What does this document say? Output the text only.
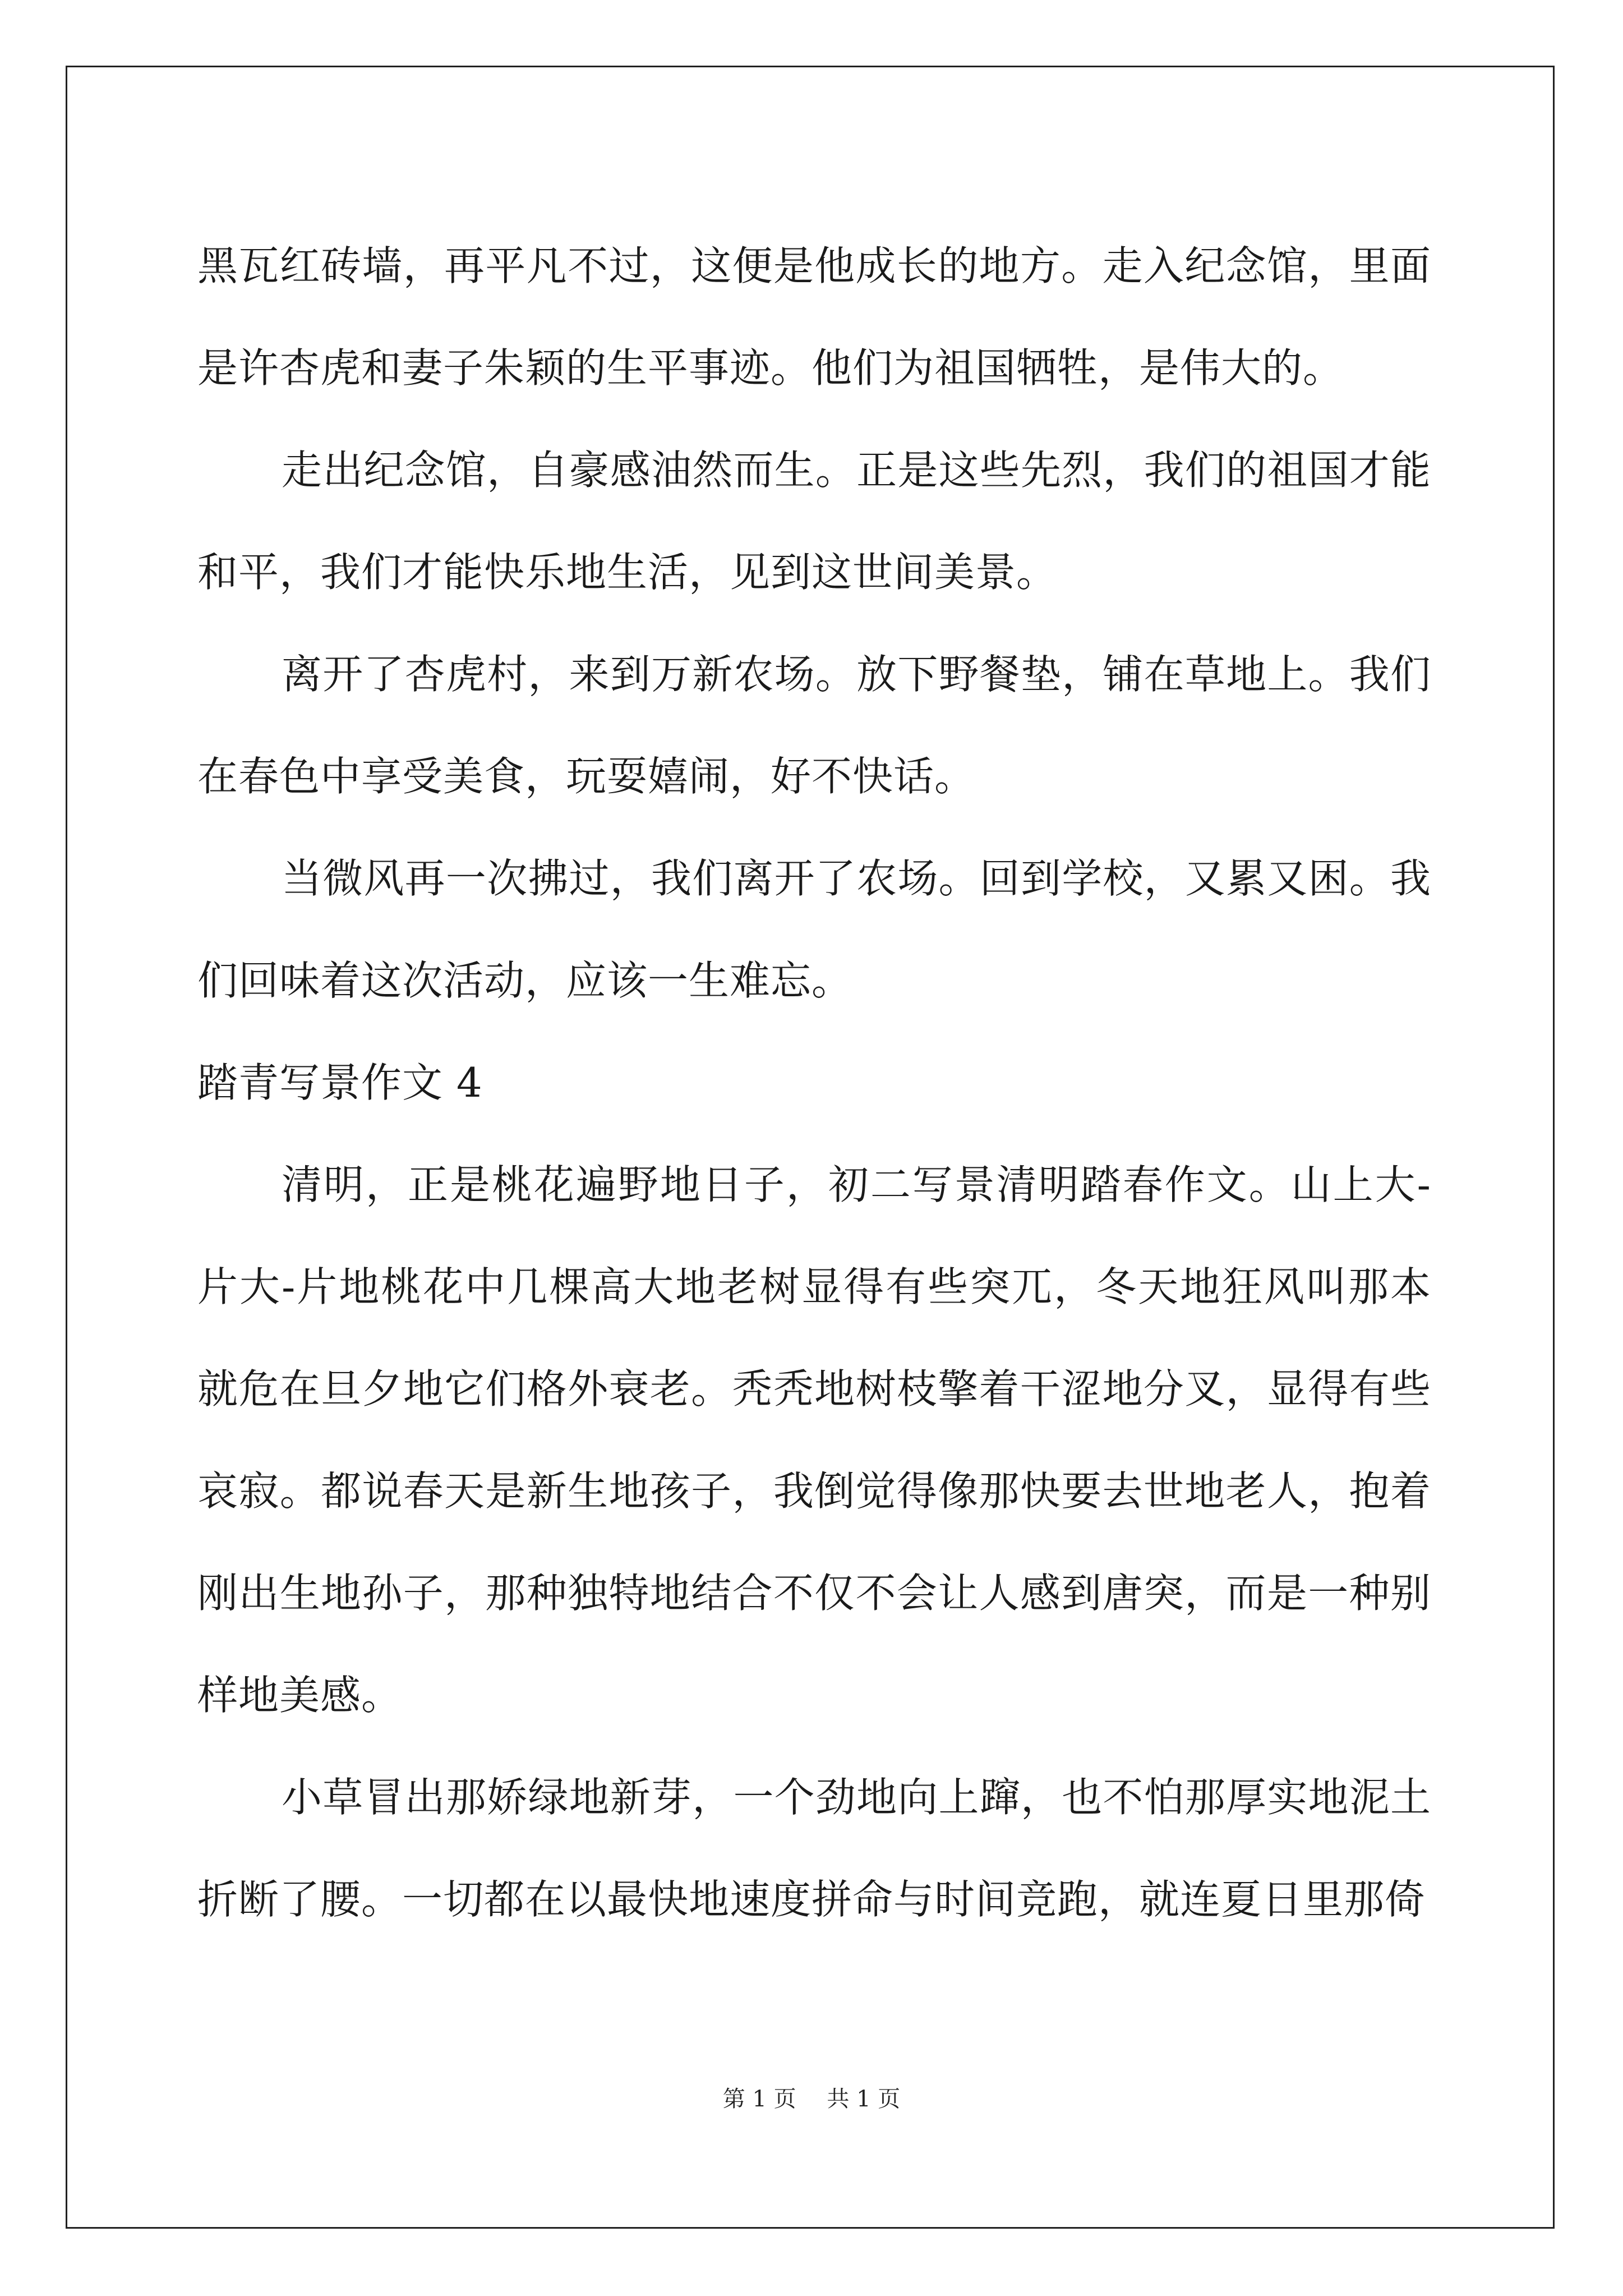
黑瓦红砖墙，再平凡不过，这便是他成长的地方。走入纪念馆，里面是许杏虎和妻子朱颖的生平事迹。他们为祖国牺牲，是伟大的。

走出纪念馆，自豪感油然而生。正是这些先烈，我们的祖国才能和平，我们才能快乐地生活，见到这世间美景。

离开了杏虎村，来到万新农场。放下野餐垫，铺在草地上。我们在春色中享受美食，玩耍嬉闹，好不快话。

当微风再一次拂过，我们离开了农场。回到学校，又累又困。我们回味着这次活动，应该一生难忘。

踏青写景作文 4

清明，正是桃花遍野地日子，初二写景清明踏春作文。山上大-片大-片地桃花中几棵高大地老树显得有些突兀，冬天地狂风叫那本就危在旦夕地它们格外衰老。秃秃地树枝擎着干涩地分叉，显得有些哀寂。都说春天是新生地孩子，我倒觉得像那快要去世地老人，抱着刚出生地孙子，那种独特地结合不仅不会让人感到唐突，而是一种别样地美感。

小草冒出那娇绿地新芽，一个劲地向上蹿，也不怕那厚实地泥土折断了腰。一切都在以最快地速度拼命与时间竞跑，就连夏日里那倚

第 1 页 共 1 页
